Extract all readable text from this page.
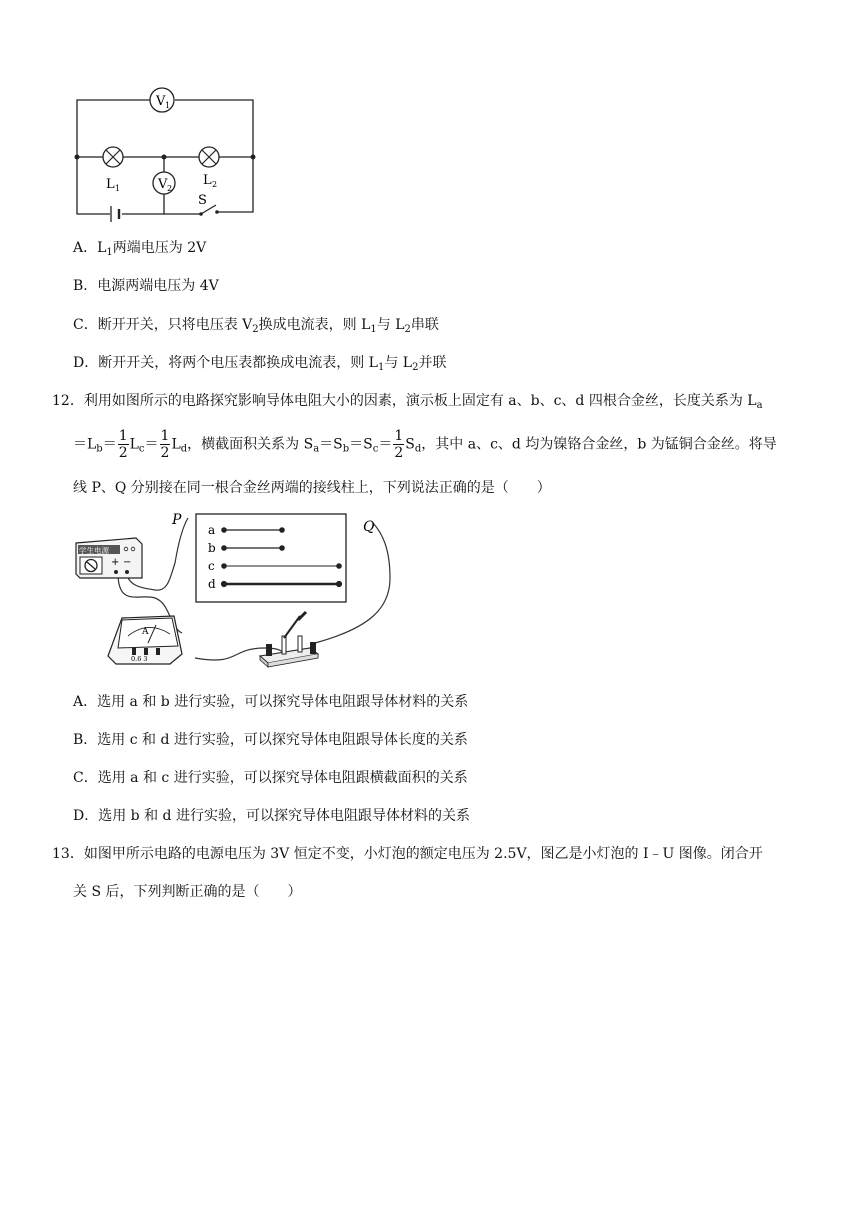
V 1
L 1
L 2
V 2
S
A．$L_1$两端电压为 2V
B．电源两端电压为 4V
C．断开开关，只将电压表 $V_2$换成电流表，则 $L_1$与 $L_2$串联
D．断开开关，将两个电压表都换成电流表，则 $L_1$与 $L_2$并联
12．利用如图所示的电路探究影响导体电阻大小的因素，演示板上固定有 a、b、c、d 四根合金丝，长度关系为 $L_a$
$=L_b= \frac{1}{2} L_c= \frac{1}{2} L_d$，横截面积关系为 $S_a=S_b=S_c= \frac{1}{2} S_d$，其中 a、c、d 均为镍铬合金丝，b 为锰铜合金丝。将导
线 P、Q 分别接在同一根合金丝两端的接线柱上，下列说法正确的是（　　）
学生电源
+ −
a
b
c
d
P	Q
A
0.6 3
A．选用 a 和 b 进行实验，可以探究导体电阻跟导体材料的关系
B．选用 c 和 d 进行实验，可以探究导体电阻跟导体长度的关系
C．选用 a 和 c 进行实验，可以探究导体电阻跟横截面积的关系
D．选用 b 和 d 进行实验，可以探究导体电阻跟导体材料的关系
13．如图甲所示电路的电源电压为 3V 恒定不变，小灯泡的额定电压为 2.5V，图乙是小灯泡的 I﹣U 图像。闭合开
关 S 后，下列判断正确的是（　　）
